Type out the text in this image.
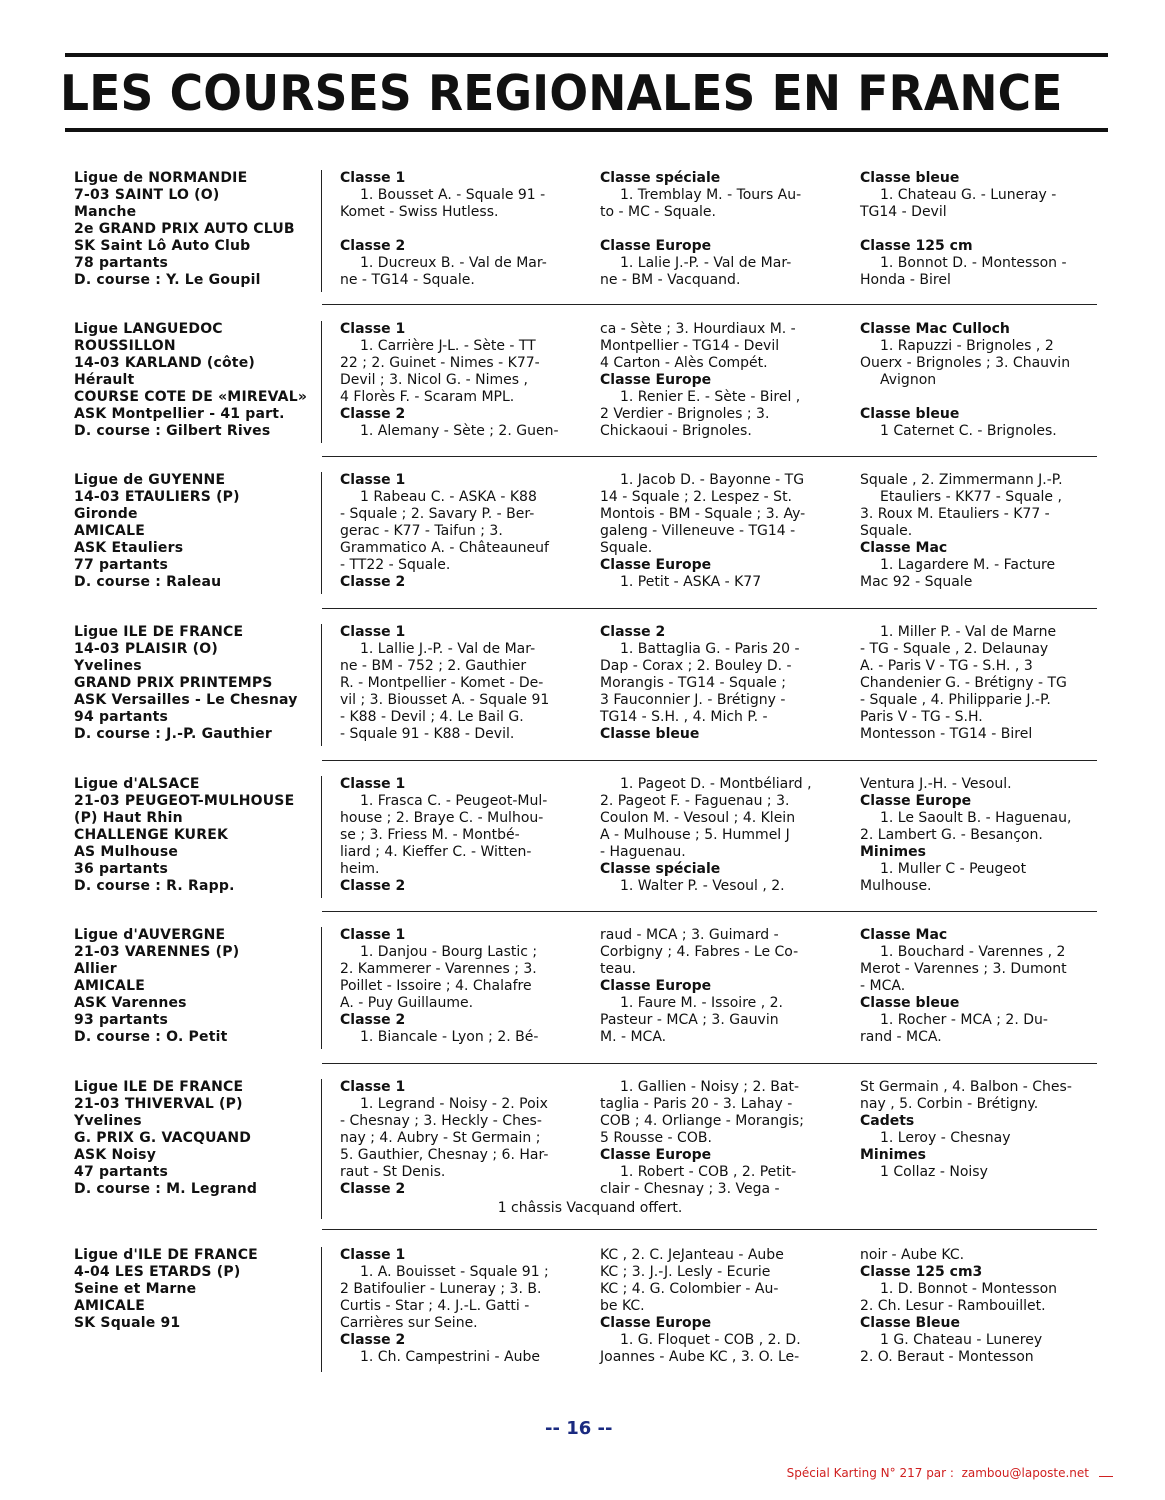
LES COURSES REGIONALES EN FRANCE
Ligue de NORMANDIE
7-03 SAINT LO (O)
Manche
2e GRAND PRIX AUTO CLUB
SK Saint Lô Auto Club
78 partants
D. course : Y. Le Goupil
Classe 1
1. Bousset A. - Squale 91 -
Komet - Swiss Hutless.

Classe 2
1. Ducreux B. - Val de Mar-
ne - TG14 - Squale.
Classe spéciale
1. Tremblay M. - Tours Au-
to - MC - Squale.

Classe Europe
1. Lalie J.-P. - Val de Mar-
ne - BM - Vacquand.
Classe bleue
1. Chateau G. - Luneray -
TG14 - Devil

Classe 125 cm
1. Bonnot D. - Montesson -
Honda - Birel
Ligue LANGUEDOC
ROUSSILLON
14-03 KARLAND (côte)
Hérault
COURSE COTE DE «MIREVAL»
ASK Montpellier - 41 part.
D. course : Gilbert Rives
Classe 1
1. Carrière J-L. - Sète - TT
22 ; 2. Guinet - Nimes - K77-
Devil ; 3. Nicol G. - Nimes ,
4 Florès F. - Scaram MPL.
Classe 2
1. Alemany - Sète ; 2. Guen-
ca - Sète ; 3. Hourdiaux M. -
Montpellier - TG14 - Devil
4 Carton - Alès Compét.
Classe Europe
1. Renier E. - Sète - Birel ,
2 Verdier - Brignoles ; 3.
Chickaoui - Brignoles.
Classe Mac Culloch
1. Rapuzzi - Brignoles , 2
Ouerx - Brignoles ; 3. Chauvin
Avignon

Classe bleue
1 Caternet C. - Brignoles.
Ligue de GUYENNE
14-03 ETAULIERS (P)
Gironde
AMICALE
ASK Etauliers
77 partants
D. course : Raleau
Classe 1
1 Rabeau C. - ASKA - K88
- Squale ; 2. Savary P. - Ber-
gerac - K77 - Taifun ; 3.
Grammatico A. - Châteauneuf
- TT22 - Squale.
Classe 2
1. Jacob D. - Bayonne - TG
14 - Squale ; 2. Lespez - St.
Montois - BM - Squale ; 3. Ay-
galeng - Villeneuve - TG14 -
Squale.
Classe Europe
1. Petit - ASKA - K77
Squale , 2. Zimmermann J.-P.
Etauliers - KK77 - Squale ,
3. Roux M. Etauliers - K77 -
Squale.
Classe Mac
1. Lagardere M. - Facture
Mac 92 - Squale
Ligue ILE DE FRANCE
14-03 PLAISIR (O)
Yvelines
GRAND PRIX PRINTEMPS
ASK Versailles - Le Chesnay
94 partants
D. course : J.-P. Gauthier
Classe 1
1. Lallie J.-P. - Val de Mar-
ne - BM - 752 ; 2. Gauthier
R. - Montpellier - Komet - De-
vil ; 3. Biousset A. - Squale 91
- K88 - Devil ; 4. Le Bail G.
- Squale 91 - K88 - Devil.
Classe 2
1. Battaglia G. - Paris 20 -
Dap - Corax ; 2. Bouley D. -
Morangis - TG14 - Squale ;
3 Fauconnier J. - Brétigny -
TG14 - S.H. , 4. Mich P. -
Classe bleue
1. Miller P. - Val de Marne
- TG - Squale , 2. Delaunay
A. - Paris V - TG - S.H. , 3
Chandenier G. - Brétigny - TG
- Squale , 4. Philipparie J.-P.
Paris V - TG - S.H.
Montesson - TG14 - Birel
Ligue d'ALSACE
21-03 PEUGEOT-MULHOUSE
(P) Haut Rhin
CHALLENGE KUREK
AS Mulhouse
36 partants
D. course : R. Rapp.
Classe 1
1. Frasca C. - Peugeot-Mul-
house ; 2. Braye C. - Mulhou-
se ; 3. Friess M. - Montbé-
liard ; 4. Kieffer C. - Witten-
heim.
Classe 2
1. Pageot D. - Montbéliard ,
2. Pageot F. - Faguenau ; 3.
Coulon M. - Vesoul ; 4. Klein
A - Mulhouse ; 5. Hummel J
- Haguenau.
Classe spéciale
1. Walter P. - Vesoul , 2.
Ventura J.-H. - Vesoul.
Classe Europe
1. Le Saoult B. - Haguenau,
2. Lambert G. - Besançon.
Minimes
1. Muller C - Peugeot
Mulhouse.
Ligue d'AUVERGNE
21-03 VARENNES (P)
Allier
AMICALE
ASK Varennes
93 partants
D. course : O. Petit
Classe 1
1. Danjou - Bourg Lastic ;
2. Kammerer - Varennes ; 3.
Poillet - Issoire ; 4. Chalafre
A. - Puy Guillaume.
Classe 2
1. Biancale - Lyon ; 2. Bé-
raud - MCA ; 3. Guimard -
Corbigny ; 4. Fabres - Le Co-
teau.
Classe Europe
1. Faure M. - Issoire , 2.
Pasteur - MCA ; 3. Gauvin
M. - MCA.
Classe Mac
1. Bouchard - Varennes , 2
Merot - Varennes ; 3. Dumont
- MCA.
Classe bleue
1. Rocher - MCA ; 2. Du-
rand - MCA.
Ligue ILE DE FRANCE
21-03 THIVERVAL (P)
Yvelines
G. PRIX G. VACQUAND
ASK Noisy
47 partants
D. course : M. Legrand
Classe 1
1. Legrand - Noisy - 2. Poix
- Chesnay ; 3. Heckly - Ches-
nay ; 4. Aubry - St Germain ;
5. Gauthier, Chesnay ; 6. Har-
raut - St Denis.
Classe 2
1. Gallien - Noisy ; 2. Bat-
taglia - Paris 20 - 3. Lahay -
COB ; 4. Orliange - Morangis;
5 Rousse - COB.
Classe Europe
1. Robert - COB , 2. Petit-
clair - Chesnay ; 3. Vega -
St Germain , 4. Balbon - Ches-
nay , 5. Corbin - Brétigny.
Cadets
1. Leroy - Chesnay
Minimes
1 Collaz - Noisy

1 châssis Vacquand offert.
Ligue d'ILE DE FRANCE
4-04 LES ETARDS (P)
Seine et Marne
AMICALE
SK Squale 91
Classe 1
1. A. Bouisset - Squale 91 ;
2 Batifoulier - Luneray ; 3. B.
Curtis - Star ; 4. J.-L. Gatti -
Carrières sur Seine.
Classe 2
1. Ch. Campestrini - Aube
KC , 2. C. JeJanteau - Aube
KC ; 3. J.-J. Lesly - Ecurie
KC ; 4. G. Colombier - Au-
be KC.
Classe Europe
1. G. Floquet - COB , 2. D.
Joannes - Aube KC , 3. O. Le-
noir - Aube KC.
Classe 125 cm3
1. D. Bonnot - Montesson
2. Ch. Lesur - Rambouillet.
Classe Bleue
1 G. Chateau - Lunerey
2. O. Beraut - Montesson
-- 16 --
Spécial Karting N° 217 par : zambou@laposte.net
